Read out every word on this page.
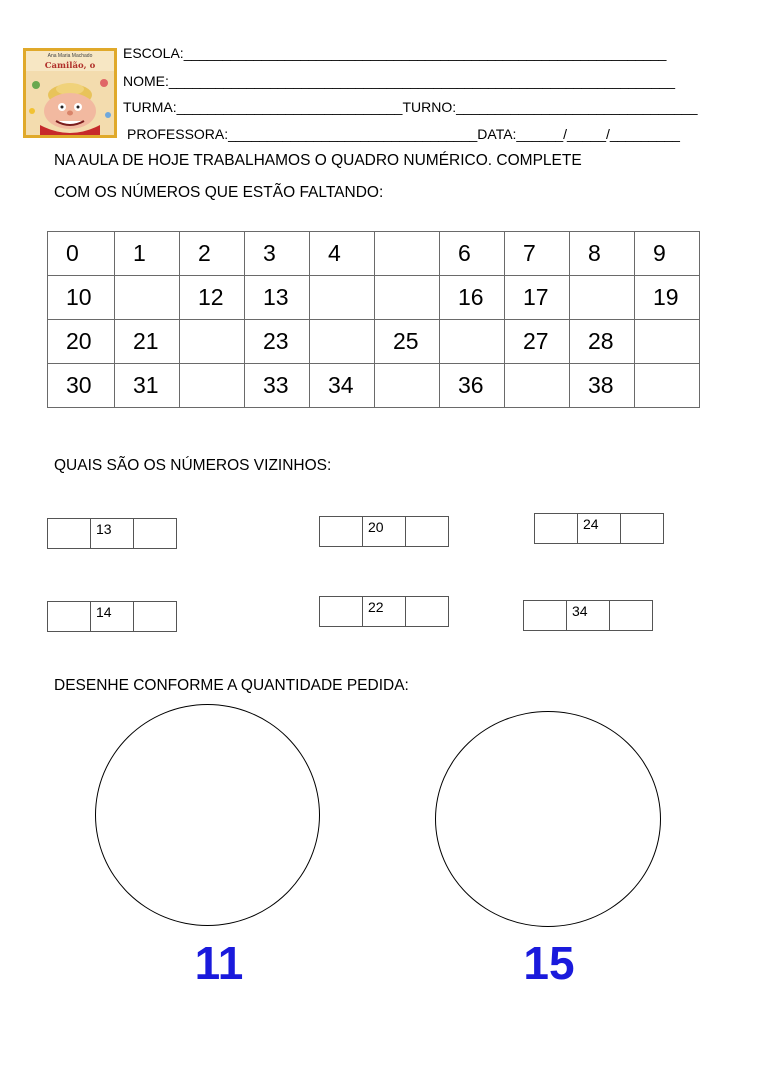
Ana Maria Machado
Camilão, o
ESCOLA:______________________________________________________________
NOME:_________________________________________________________________
TURMA:_____________________________TURNO:_______________________________
PROFESSORA:________________________________DATA:______/_____/_________
NA AULA DE HOJE TRABALHAMOS O QUADRO NUMÉRICO. COMPLETE
COM OS NÚMEROS QUE ESTÃO FALTANDO:
0	1	2	3	4		6	7	8	9
10		12	13			16	17		19
20	21		23		25		27	28	
30	31		33	34		36		38	
QUAIS SÃO OS NÚMEROS VIZINHOS:
13	20	24
14	22	34
DESENHE CONFORME A QUANTIDADE PEDIDA:
11	15
